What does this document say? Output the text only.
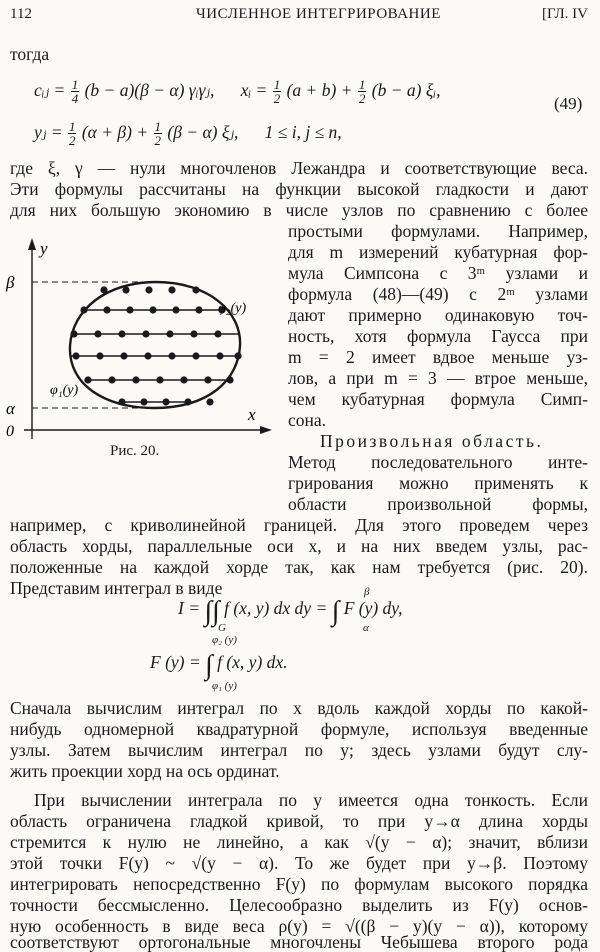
112	ЧИСЛЕННОЕ ИНТЕГРИРОВАНИЕ	[ГЛ. IV
тогда
cᵢⱼ = $\frac{1}{4} (b - a)(\beta - \alpha)$ γᵢγⱼ, xᵢ = $\frac{1}{2} (a + b) + \frac{1}{2} (b - a)$ ξᵢ,
(49)
yⱼ = $\frac{1}{2} (\alpha + \beta) + \frac{1}{2} (\beta - \alpha)$ ξⱼ, 1 ≤ i, j ≤ n,
где ξ, γ — нули многочленов Лежандра и соответствующие веса.
Эти формулы рассчитаны на функции высокой гладкости и дают
для них большую экономию в числе узлов по сравнению с более
простыми формулами. Например,
для m измерений кубатурная фор-
мула Симпсона с 3ᵐ узлами и
формула (48)—(49) с 2ᵐ узлами
дают примерно одинаковую точ-
ность, хотя формула Гаусса при
m = 2 имеет вдвое меньше уз-
лов, а при m = 3 — втрое меньше,
чем кубатурная формула Симп-
сона.
Произвольная область.
Метод последовательного инте-
грирования можно применять к
области произвольной формы,
например, с криволинейной границей. Для этого проведем через
область хорды, параллельные оси x, и на них введем узлы, рас-
положенные на каждой хорде так, как нам требуется (рис. 20).
Представим интеграл в виде
y
x
β
α
0
φ₂(y)
φ₁(y)
Рис. 20.
I = ∫∫ f (x, y) dx dy = ∫ F (y) dy,
G
β
α
F (y) = ∫ f (x, y) dx.
φ₂ (y)
φ₁ (y)
Сначала вычислим интеграл по x вдоль каждой хорды по какой-
нибудь одномерной квадратурной формуле, используя введенные
узлы. Затем вычислим интеграл по y; здесь узлами будут слу-
жить проекции хорд на ось ординат.
При вычислении интеграла по y имеется одна тонкость. Если
область ограничена гладкой кривой, то при y→α длина хорды
стремится к нулю не линейно, а как √(y − α); значит, вблизи
этой точки F(y) ~ √(y − α). То же будет при y→β. Поэтому
интегрировать непосредственно F(y) по формулам высокого порядка
точности бессмысленно. Целесообразно выделить из F(y) основ-
ную особенность в виде веса ρ(y) = √((β − y)(y − α)), которому
соответствуют ортогональные многочлены Чебышева второго рода
